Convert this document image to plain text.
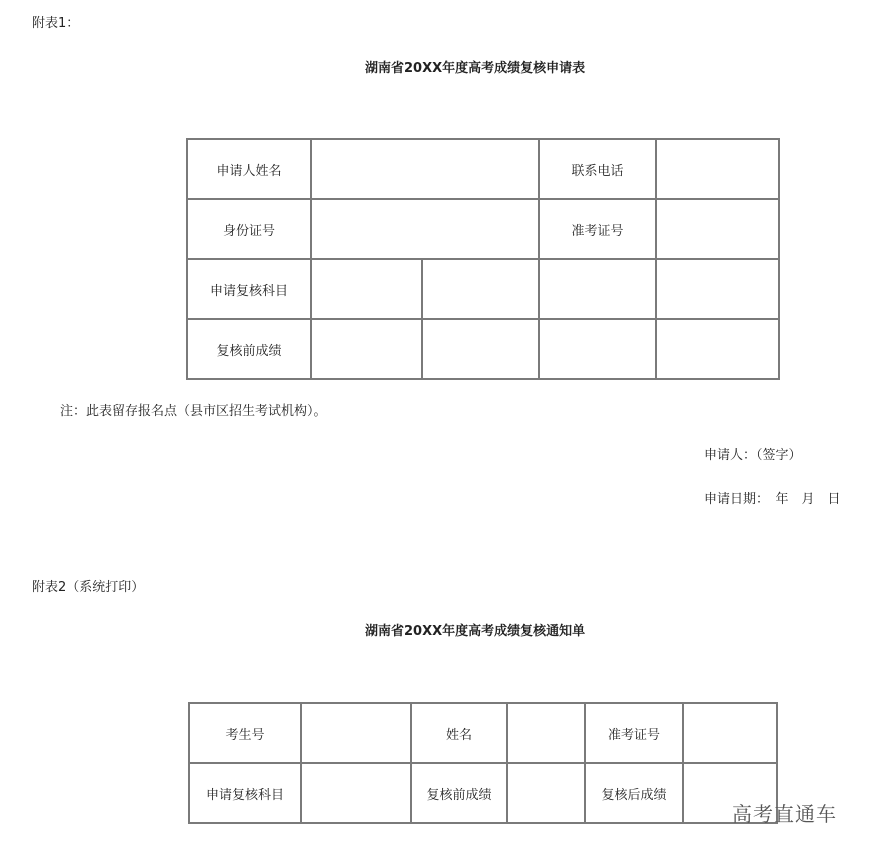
附表1：
湖南省20XX年度高考成绩复核申请表
申请人姓名			联系电话	
身份证号			准考证号	
申请复核科目				
复核前成绩				
注：此表留存报名点（县市区招生考试机构）。
申请人：（签字）
申请日期：　年　月　日
附表2（系统打印）
湖南省20XX年度高考成绩复核通知单
考生号		姓名		准考证号	
申请复核科目		复核前成绩		复核后成绩	
高考直通车
